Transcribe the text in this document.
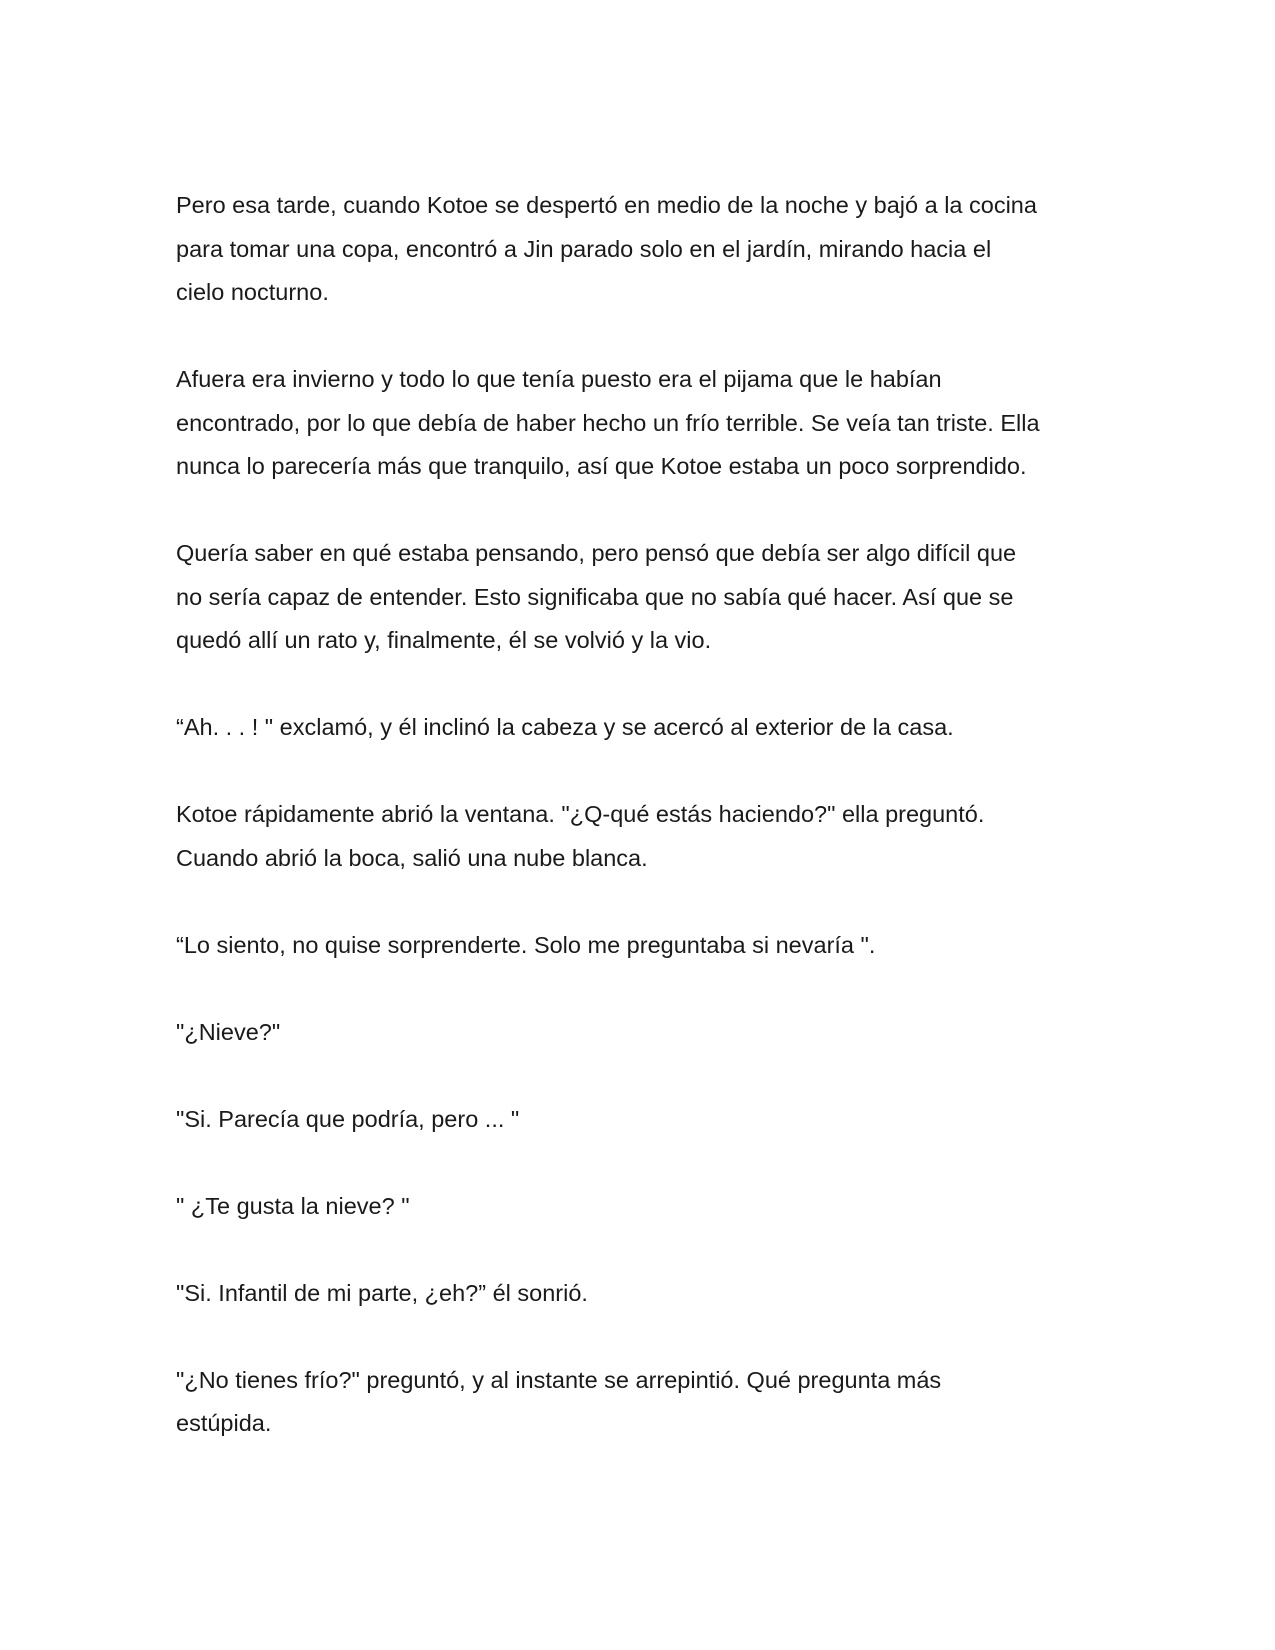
Pero esa tarde, cuando Kotoe se despertó en medio de la noche y bajó a la cocina
para tomar una copa, encontró a Jin parado solo en el jardín, mirando hacia el
cielo nocturno.

Afuera era invierno y todo lo que tenía puesto era el pijama que le habían
encontrado, por lo que debía de haber hecho un frío terrible. Se veía tan triste. Ella
nunca lo parecería más que tranquilo, así que Kotoe estaba un poco sorprendido.

Quería saber en qué estaba pensando, pero pensó que debía ser algo difícil que
no sería capaz de entender. Esto significaba que no sabía qué hacer. Así que se
quedó allí un rato y, finalmente, él se volvió y la vio.

“Ah. . . ! " exclamó, y él inclinó la cabeza y se acercó al exterior de la casa.

Kotoe rápidamente abrió la ventana. "¿Q-qué estás haciendo?" ella preguntó.
Cuando abrió la boca, salió una nube blanca.

“Lo siento, no quise sorprenderte. Solo me preguntaba si nevaría ".

"¿Nieve?"

"Si. Parecía que podría, pero ... "

" ¿Te gusta la nieve? "

"Si. Infantil de mi parte, ¿eh?” él sonrió.

"¿No tienes frío?" preguntó, y al instante se arrepintió. Qué pregunta más
estúpida.
